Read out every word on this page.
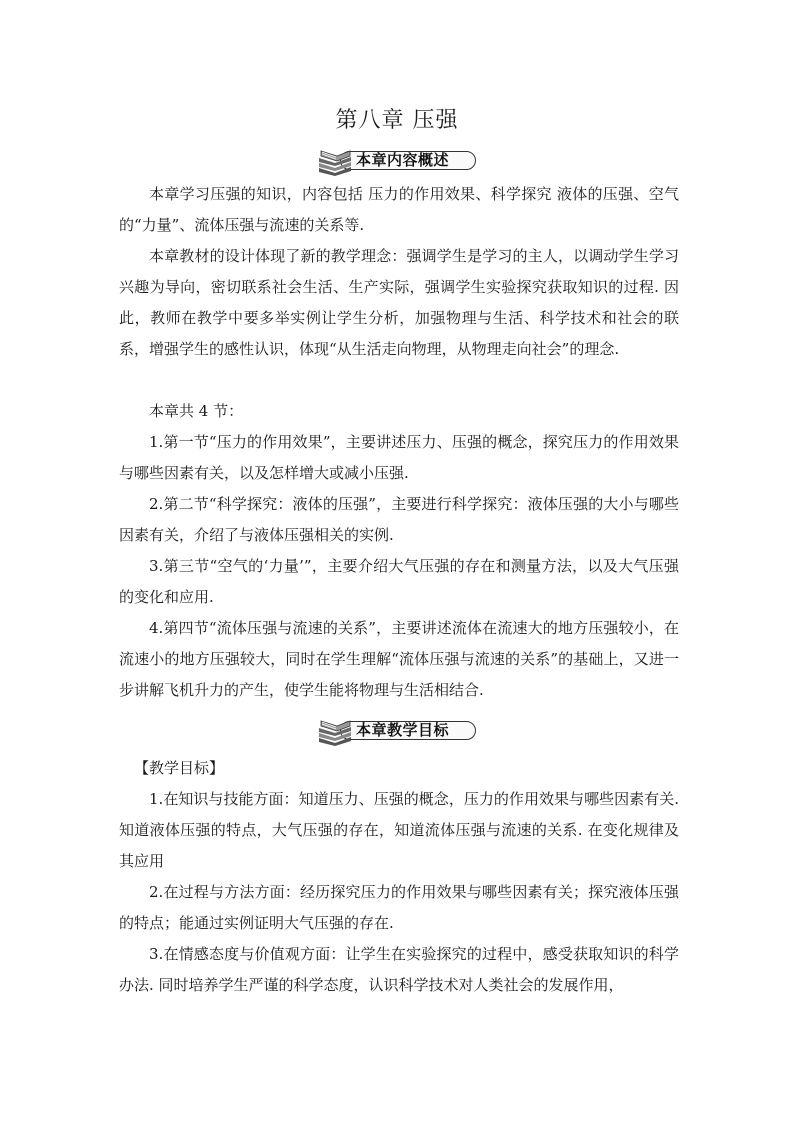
第八章 压强
本章内容概述

本章学习压强的知识，内容包括 压力的作用效果、科学探究 液体的压强、空气的“力量”、流体压强与流速的关系等.

本章教材的设计体现了新的教学理念：强调学生是学习的主人，以调动学生学习兴趣为导向，密切联系社会生活、生产实际，强调学生实验探究获取知识的过程. 因此，教师在教学中要多举实例让学生分析，加强物理与生活、科学技术和社会的联系，增强学生的感性认识，体现“从生活走向物理，从物理走向社会”的理念.

本章共 4 节：

1.第一节“压力的作用效果”，主要讲述压力、压强的概念，探究压力的作用效果与哪些因素有关，以及怎样增大或减小压强.

2.第二节“科学探究：液体的压强”，主要进行科学探究：液体压强的大小与哪些因素有关，介绍了与液体压强相关的实例.

3.第三节“空气的‘力量’”，主要介绍大气压强的存在和测量方法，以及大气压强的变化和应用.

4.第四节“流体压强与流速的关系”，主要讲述流体在流速大的地方压强较小，在流速小的地方压强较大，同时在学生理解“流体压强与流速的关系”的基础上，又进一步讲解飞机升力的产生，使学生能将物理与生活相结合.

本章教学目标

【教学目标】

1.在知识与技能方面：知道压力、压强的概念，压力的作用效果与哪些因素有关. 知道液体压强的特点，大气压强的存在，知道流体压强与流速的关系. 在变化规律及其应用

2.在过程与方法方面：经历探究压力的作用效果与哪些因素有关；探究液体压强的特点；能通过实例证明大气压强的存在.

3.在情感态度与价值观方面：让学生在实验探究的过程中，感受获取知识的科学办法. 同时培养学生严谨的科学态度，认识科学技术对人类社会的发展作用，
